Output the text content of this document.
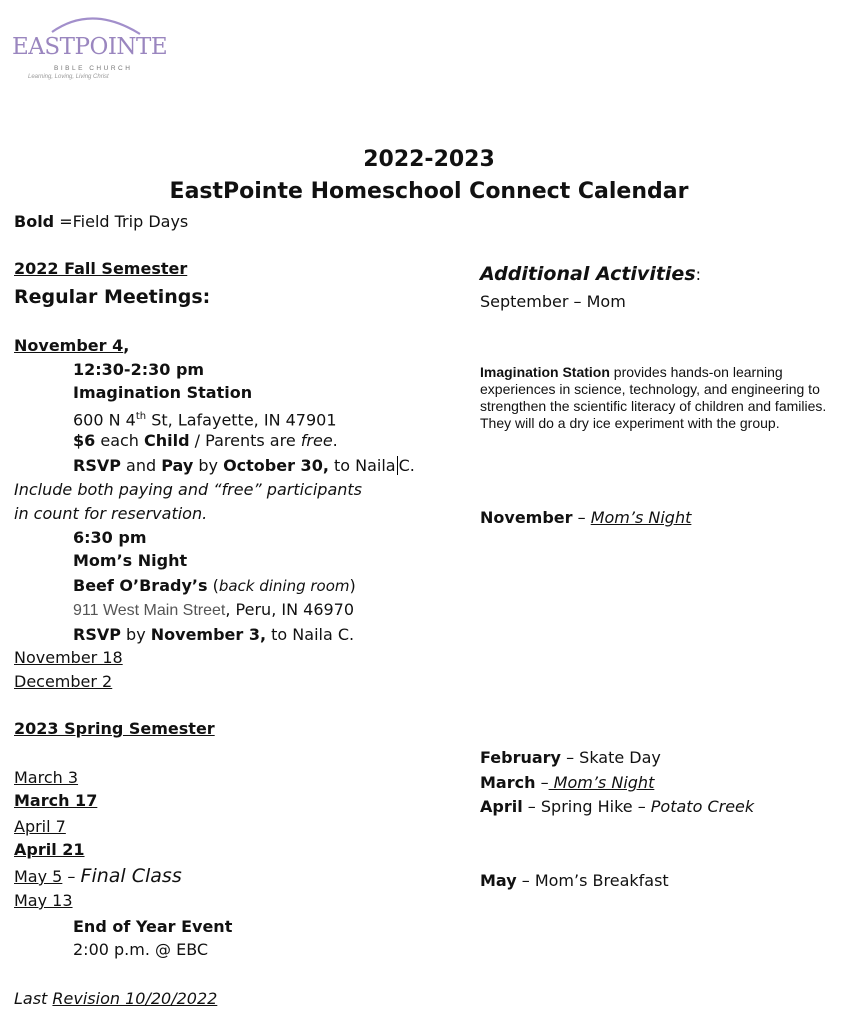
EASTPOINTE
BIBLE CHURCH
Learning, Loving, Living Christ
2022-2023
EastPointe Homeschool Connect Calendar
Bold =Field Trip Days
2022 Fall Semester
Regular Meetings:
November 4,
12:30-2:30 pm
Imagination Station
600 N 4th St, Lafayette, IN 47901
$6 each Child / Parents are free.
RSVP and Pay by October 30, to Naila C.
Include both paying and “free” participants
in count for reservation.
6:30 pm
Mom’s Night
Beef O’Brady’s (back dining room)
911 West Main Street, Peru, IN 46970
RSVP by November 3, to Naila C.
November 18
December 2
2023 Spring Semester
March 3
March 17
April 7
April 21
May 5 – Final Class
May 13
End of Year Event
2:00 p.m. @ EBC
Last Revision 10/20/2022
Additional Activities:
September – Mom
Imagination Station provides hands-on learning experiences in science, technology, and engineering to strengthen the scientific literacy of children and families. They will do a dry ice experiment with the group.
November – Mom’s Night
February – Skate Day
March – Mom’s Night
April – Spring Hike – Potato Creek
May – Mom’s Breakfast
